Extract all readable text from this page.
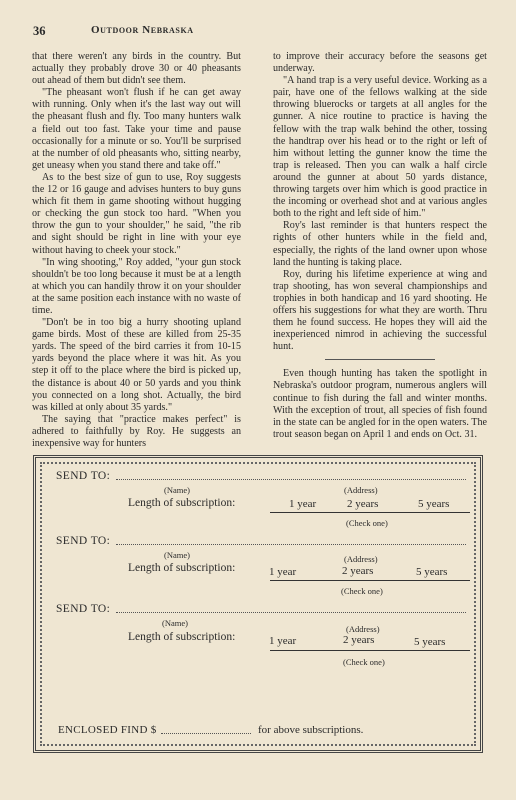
36	Outdoor Nebraska

that there weren't any birds in the country. But actually they probably drove 30 or 40 pheasants out ahead of them but didn't see them.

"The pheasant won't flush if he can get away with running. Only when it's the last way out will the pheasant flush and fly. Too many hunters walk a field out too fast. Take your time and pause occasionally for a minute or so. You'll be surprised at the number of old pheasants who, sitting nearby, get uneasy when you stand there and take off."

As to the best size of gun to use, Roy suggests the 12 or 16 gauge and advises hunters to buy guns which fit them in game shooting without hugging or checking the gun stock too hard. "When you throw the gun to your shoulder," he said, "the rib and sight should be right in line with your eye without having to cheek your stock."

"In wing shooting," Roy added, "your gun stock shouldn't be too long because it must be at a length at which you can handily throw it on your shoulder at the same position each instance with no waste of time.

"Don't be in too big a hurry shooting upland game birds. Most of these are killed from 25-35 yards. The speed of the bird carries it from 10-15 yards beyond the place where it was hit. As you step it off to the place where the bird is picked up, the distance is about 40 or 50 yards and you think you connected on a long shot. Actually, the bird was killed at only about 35 yards."

The saying that "practice makes perfect" is adhered to faithfully by Roy. He suggests an inexpensive way for hunters

to improve their accuracy before the seasons get underway.

"A hand trap is a very useful device. Working as a pair, have one of the fellows walking at the side throwing bluerocks or targets at all angles for the gunner. A nice routine to practice is having the fellow with the trap walk behind the other, tossing the handtrap over his head or to the right or left of him without letting the gunner know the time the trap is released. Then you can walk a half circle around the gunner at about 50 yards distance, throwing targets over him which is good practice in the incoming or overhead shot and at various angles both to the right and left side of him."

Roy's last reminder is that hunters respect the rights of other hunters while in the field and, especially, the rights of the land owner upon whose land the hunting is taking place.

Roy, during his lifetime experience at wing and trap shooting, has won several championships and trophies in both handicap and 16 yard shooting. He offers his suggestions for what they are worth. Thru them he found success. He hopes they will aid the inexperienced nimrod in achieving the successful hunt.

Even though hunting has taken the spotlight in Nebraska's outdoor program, numerous anglers will continue to fish during the fall and winter months. With the exception of trout, all species of fish found in the state can be angled for in the open waters. The trout season began on April 1 and ends on Oct. 31.

SEND TO:
(Name)	(Address)
Length of subscription:	1 year	2 years	5 years
(Check one)
SEND TO:
(Name)	(Address)
Length of subscription:	1 year	2 years	5 years
(Check one)
SEND TO:
(Name)
(Address)
Length of subscription:	1 year	2 years	5 years
(Check one)
ENCLOSED FIND $	for above subscriptions.
